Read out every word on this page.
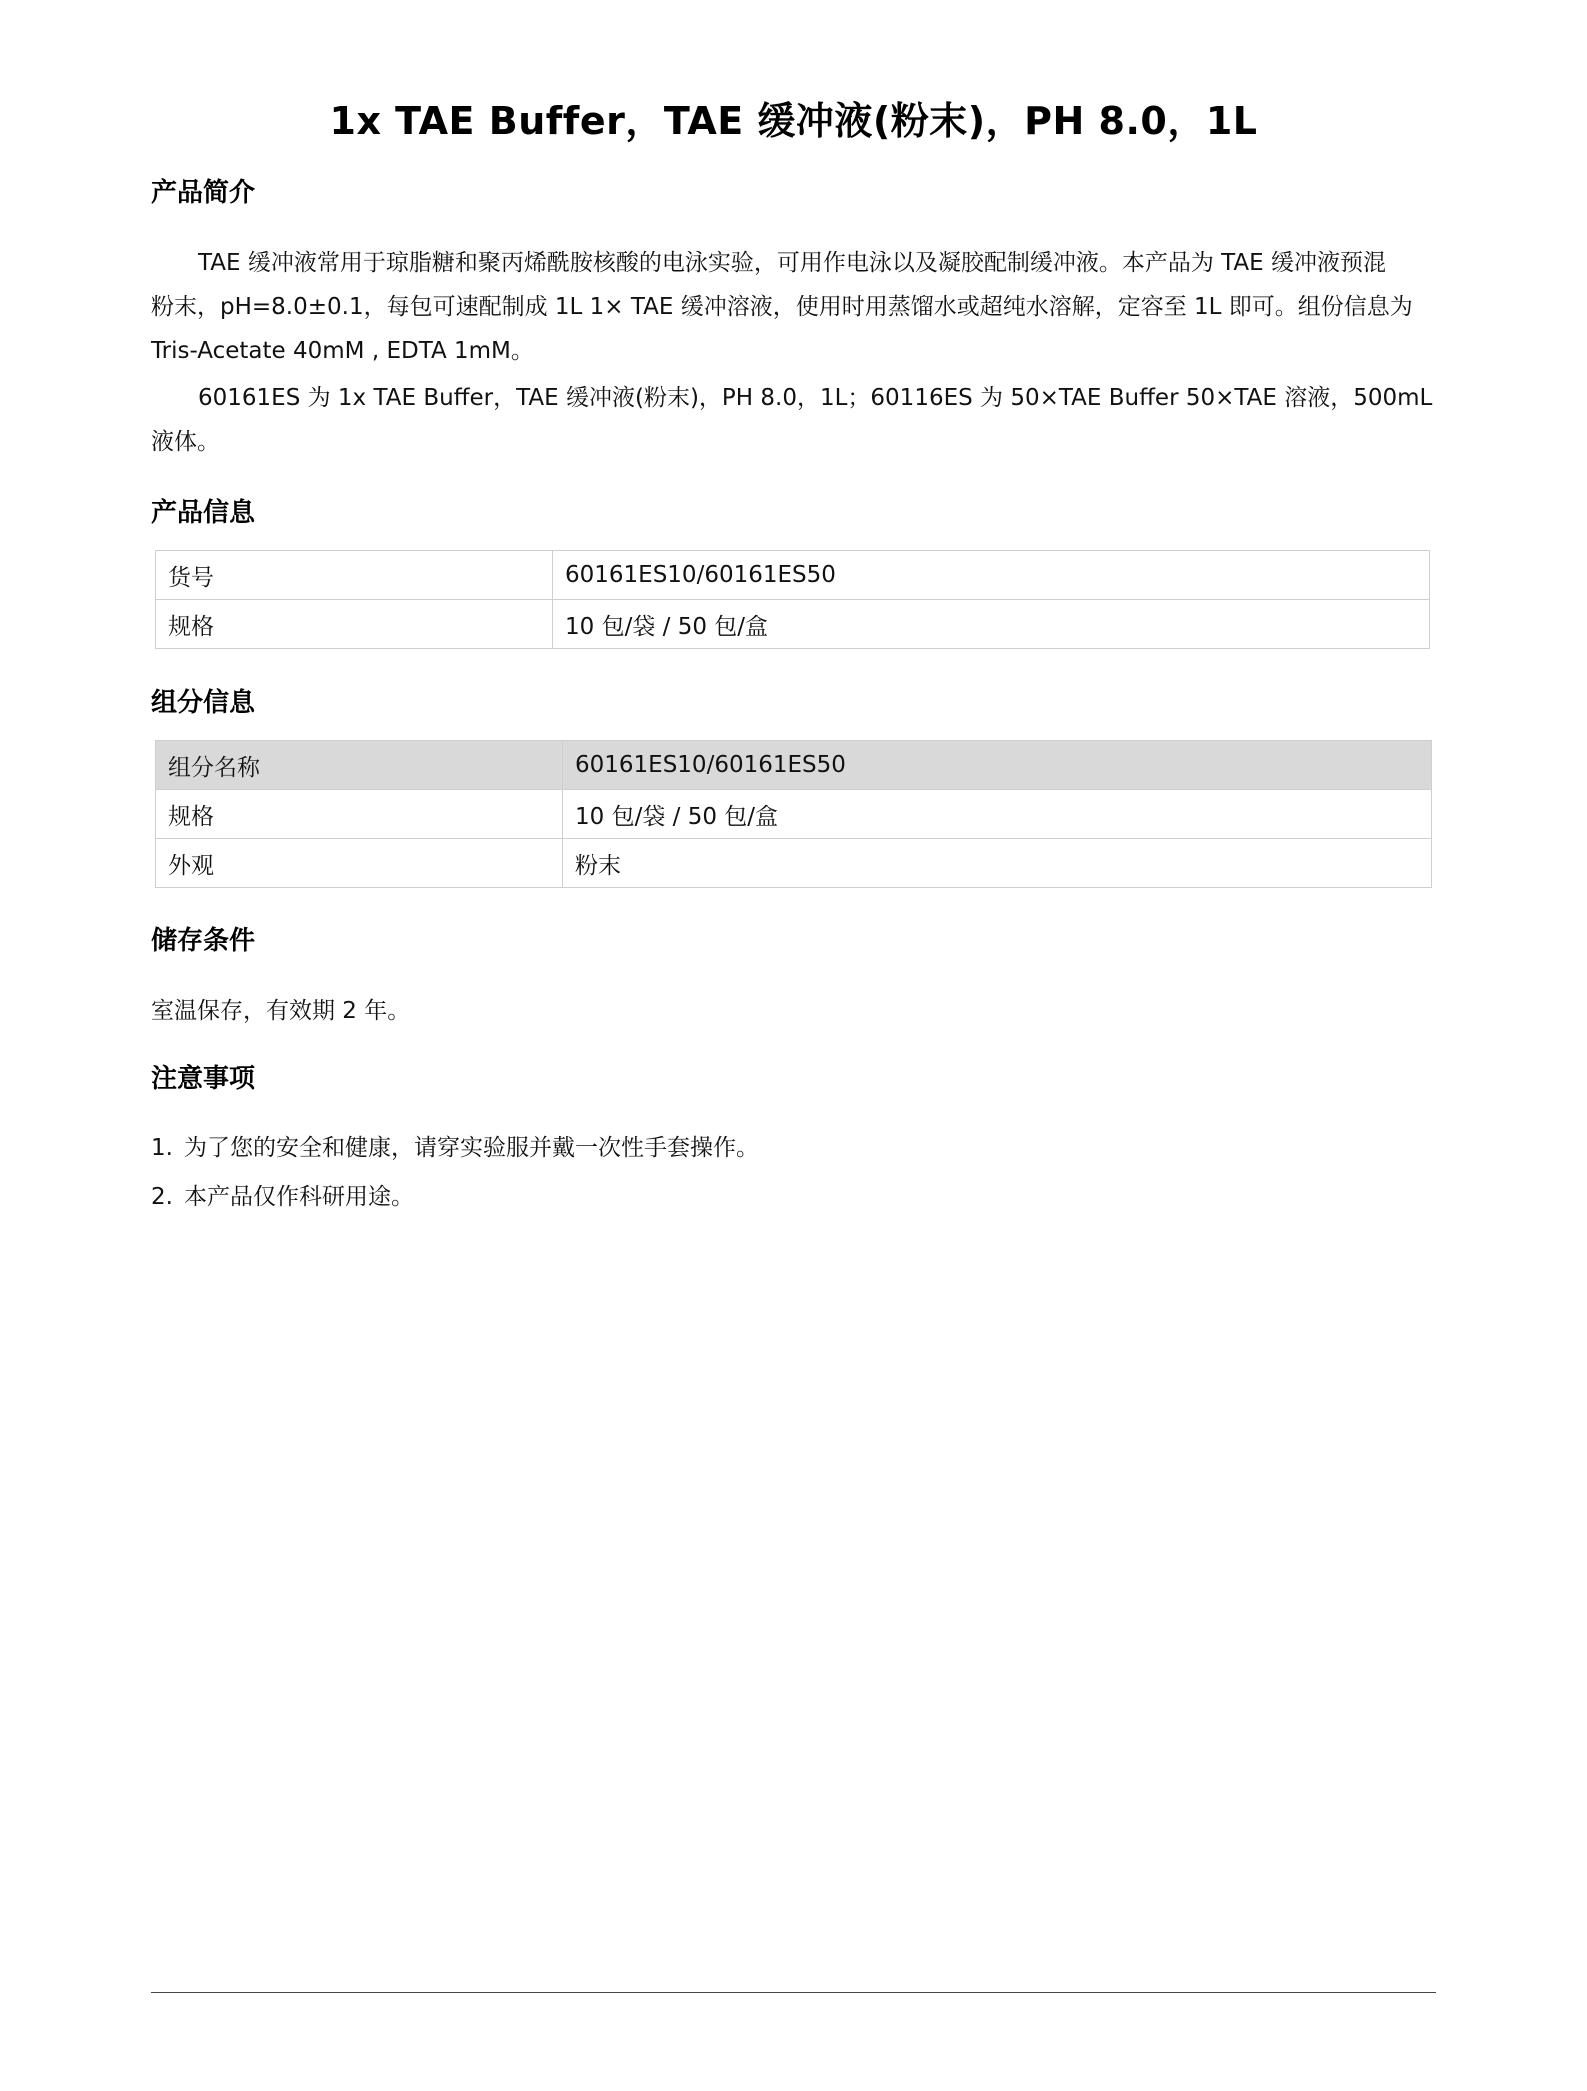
1x TAE Buffer，TAE 缓冲液(粉末)，PH 8.0，1L
产品简介
TAE 缓冲液常用于琼脂糖和聚丙烯酰胺核酸的电泳实验，可用作电泳以及凝胶配制缓冲液。本产品为 TAE 缓冲液预混
粉末，pH=8.0±0.1，每包可速配制成 1L 1× TAE 缓冲溶液，使用时用蒸馏水或超纯水溶解，定容至 1L 即可。组份信息为
Tris-Acetate 40mM , EDTA 1mM。
60161ES 为 1x TAE Buffer，TAE 缓冲液(粉末)，PH 8.0，1L；60116ES 为 50×TAE Buffer 50×TAE 溶液，500mL
液体。
产品信息
货号	60161ES10/60161ES50
规格	10 包/袋 / 50 包/盒
组分信息
组分名称	60161ES10/60161ES50
规格	10 包/袋 / 50 包/盒
外观	粉末
储存条件
室温保存，有效期 2 年。
注意事项
1. 为了您的安全和健康，请穿实验服并戴一次性手套操作。
2. 本产品仅作科研用途。
